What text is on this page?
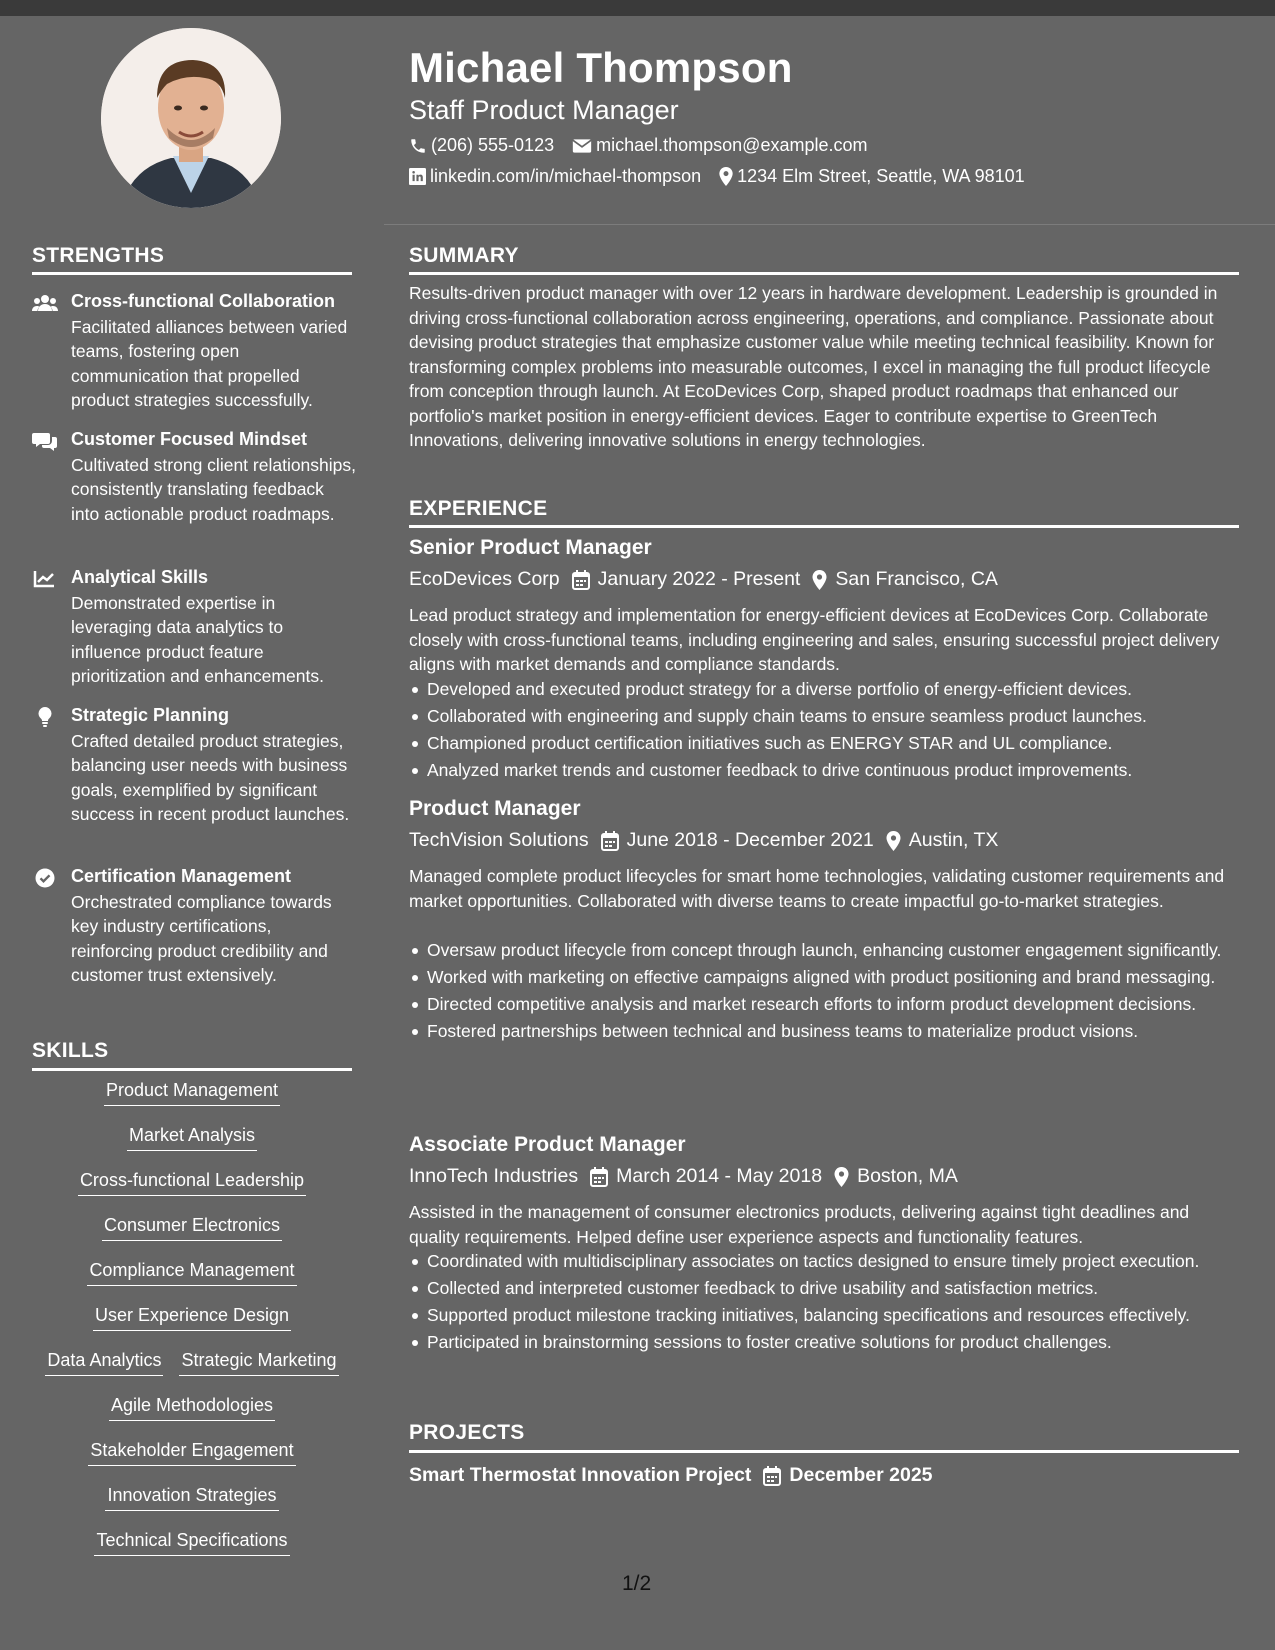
Michael Thompson
Staff Product Manager
(206) 555-0123 michael.thompson@example.com
linkedin.com/in/michael-thompson 1234 Elm Street, Seattle, WA 98101
STRENGTHS
Cross-functional Collaboration
Facilitated alliances between varied teams, fostering open communication that propelled product strategies successfully.
Customer Focused Mindset
Cultivated strong client relationships, consistently translating feedback into actionable product roadmaps.
Analytical Skills
Demonstrated expertise in leveraging data analytics to influence product feature prioritization and enhancements.
Strategic Planning
Crafted detailed product strategies, balancing user needs with business goals, exemplified by significant success in recent product launches.
Certification Management
Orchestrated compliance towards key industry certifications, reinforcing product credibility and customer trust extensively.
SKILLS
Product Management
Market Analysis
Cross-functional Leadership
Consumer Electronics
Compliance Management
User Experience Design
Data Analytics Strategic Marketing
Agile Methodologies
Stakeholder Engagement
Innovation Strategies
Technical Specifications
SUMMARY
Results-driven product manager with over 12 years in hardware development. Leadership is grounded in driving cross-functional collaboration across engineering, operations, and compliance. Passionate about devising product strategies that emphasize customer value while meeting technical feasibility. Known for transforming complex problems into measurable outcomes, I excel in managing the full product lifecycle from conception through launch. At EcoDevices Corp, shaped product roadmaps that enhanced our portfolio's market position in energy-efficient devices. Eager to contribute expertise to GreenTech Innovations, delivering innovative solutions in energy technologies.
EXPERIENCE
Senior Product Manager
EcoDevices Corp January 2022 - Present San Francisco, CA
Lead product strategy and implementation for energy-efficient devices at EcoDevices Corp. Collaborate closely with cross-functional teams, including engineering and sales, ensuring successful project delivery aligns with market demands and compliance standards.
Developed and executed product strategy for a diverse portfolio of energy-efficient devices.
Collaborated with engineering and supply chain teams to ensure seamless product launches.
Championed product certification initiatives such as ENERGY STAR and UL compliance.
Analyzed market trends and customer feedback to drive continuous product improvements.
Product Manager
TechVision Solutions June 2018 - December 2021 Austin, TX
Managed complete product lifecycles for smart home technologies, validating customer requirements and market opportunities. Collaborated with diverse teams to create impactful go-to-market strategies.
Oversaw product lifecycle from concept through launch, enhancing customer engagement significantly.
Worked with marketing on effective campaigns aligned with product positioning and brand messaging.
Directed competitive analysis and market research efforts to inform product development decisions.
Fostered partnerships between technical and business teams to materialize product visions.
Associate Product Manager
InnoTech Industries March 2014 - May 2018 Boston, MA
Assisted in the management of consumer electronics products, delivering against tight deadlines and quality requirements. Helped define user experience aspects and functionality features.
Coordinated with multidisciplinary associates on tactics designed to ensure timely project execution.
Collected and interpreted customer feedback to drive usability and satisfaction metrics.
Supported product milestone tracking initiatives, balancing specifications and resources effectively.
Participated in brainstorming sessions to foster creative solutions for product challenges.
PROJECTS
Smart Thermostat Innovation Project December 2025
1/2
